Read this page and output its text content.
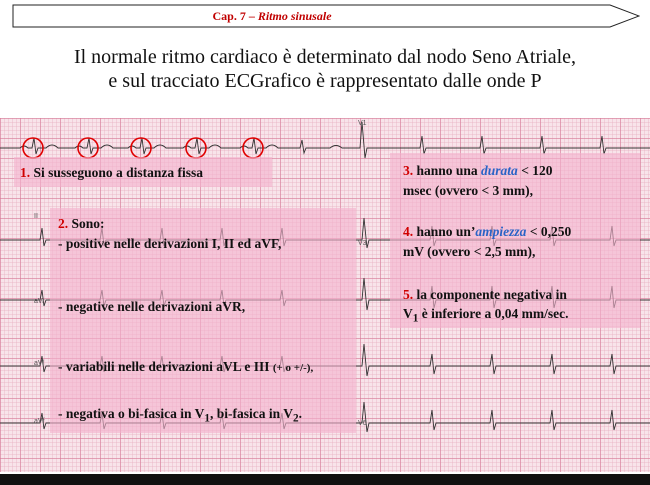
Cap. 7 – Ritmo sinusale
Il normale ritmo cardiaco è determinato dal nodo Seno Atriale,
e sul tracciato ECGrafico è rappresentato dalle onde P
II
aVr
aVl
aVf
V1
V3
V6
1. Si susseguono a distanza fissa
2. Sono:
- positive nelle derivazioni I, II ed aVF,
- negative nelle derivazioni aVR,
- variabili nelle derivazioni aVL e III (+ o +/-),
- negativa o bi-fasica in $V_1$, bi-fasica in $V_2$.
3. hanno una durata < 120
msec (ovvero < 3 mm),
4. hanno un’ampiezza < 0,250
mV (ovvero < 2,5 mm),
5. la componente negativa in
$V_1$ è inferiore a 0,04 mm/sec.
